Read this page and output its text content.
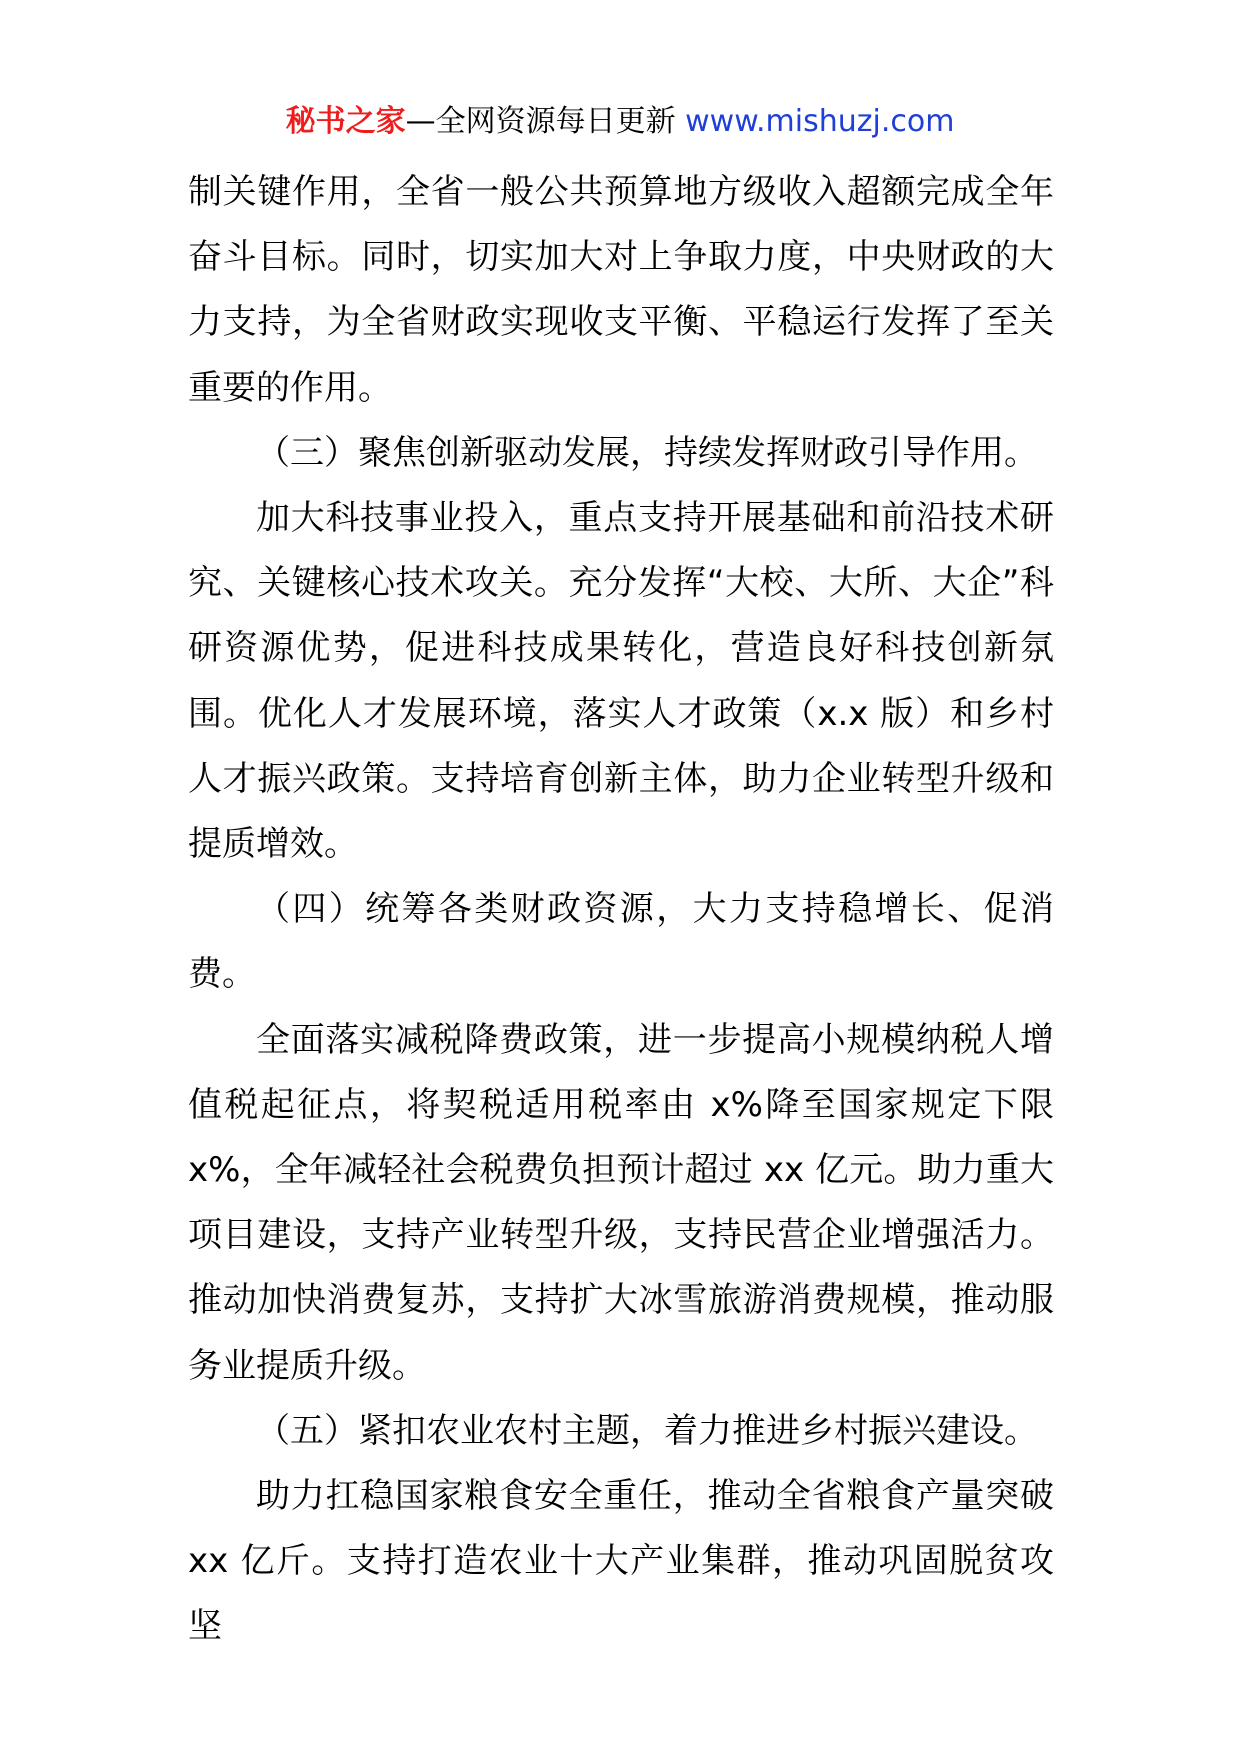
秘书之家—全网资源每日更新 www.mishuzj.com

制关键作用，全省一般公共预算地方级收入超额完成全年奋斗目标。同时，切实加大对上争取力度，中央财政的大力支持，为全省财政实现收支平衡、平稳运行发挥了至关重要的作用。

（三）聚焦创新驱动发展，持续发挥财政引导作用。

加大科技事业投入，重点支持开展基础和前沿技术研究、关键核心技术攻关。充分发挥“大校、大所、大企”科研资源优势，促进科技成果转化，营造良好科技创新氛围。优化人才发展环境，落实人才政策（x.x 版）和乡村人才振兴政策。支持培育创新主体，助力企业转型升级和提质增效。

（四）统筹各类财政资源，大力支持稳增长、促消费。

全面落实减税降费政策，进一步提高小规模纳税人增值税起征点，将契税适用税率由 x%降至国家规定下限 x%，全年减轻社会税费负担预计超过 xx 亿元。助力重大项目建设，支持产业转型升级，支持民营企业增强活力。推动加快消费复苏，支持扩大冰雪旅游消费规模，推动服务业提质升级。

（五）紧扣农业农村主题，着力推进乡村振兴建设。

助力扛稳国家粮食安全重任，推动全省粮食产量突破 xx 亿斤。支持打造农业十大产业集群，推动巩固脱贫攻坚
